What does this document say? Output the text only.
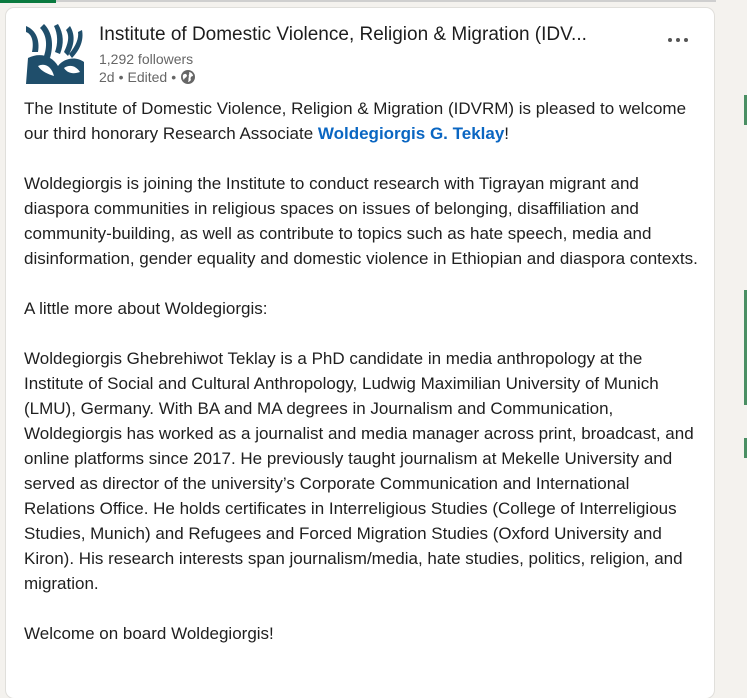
Institute of Domestic Violence, Religion & Migration (IDV...
1,292 followers
2d • Edited •

The Institute of Domestic Violence, Religion & Migration (IDVRM) is pleased to welcome our third honorary Research Associate Woldegiorgis G. Teklay!

Woldegiorgis is joining the Institute to conduct research with Tigrayan migrant and diaspora communities in religious spaces on issues of belonging, disaffiliation and community-building, as well as contribute to topics such as hate speech, media and disinformation, gender equality and domestic violence in Ethiopian and diaspora contexts.

A little more about Woldegiorgis:

Woldegiorgis Ghebrehiwot Teklay is a PhD candidate in media anthropology at the Institute of Social and Cultural Anthropology, Ludwig Maximilian University of Munich (LMU), Germany. With BA and MA degrees in Journalism and Communication, Woldegiorgis has worked as a journalist and media manager across print, broadcast, and online platforms since 2017. He previously taught journalism at Mekelle University and served as director of the university’s Corporate Communication and International Relations Office. He holds certificates in Interreligious Studies (College of Interreligious Studies, Munich) and Refugees and Forced Migration Studies (Oxford University and Kiron). His research interests span journalism/media, hate studies, politics, religion, and migration.

Welcome on board Woldegiorgis!
